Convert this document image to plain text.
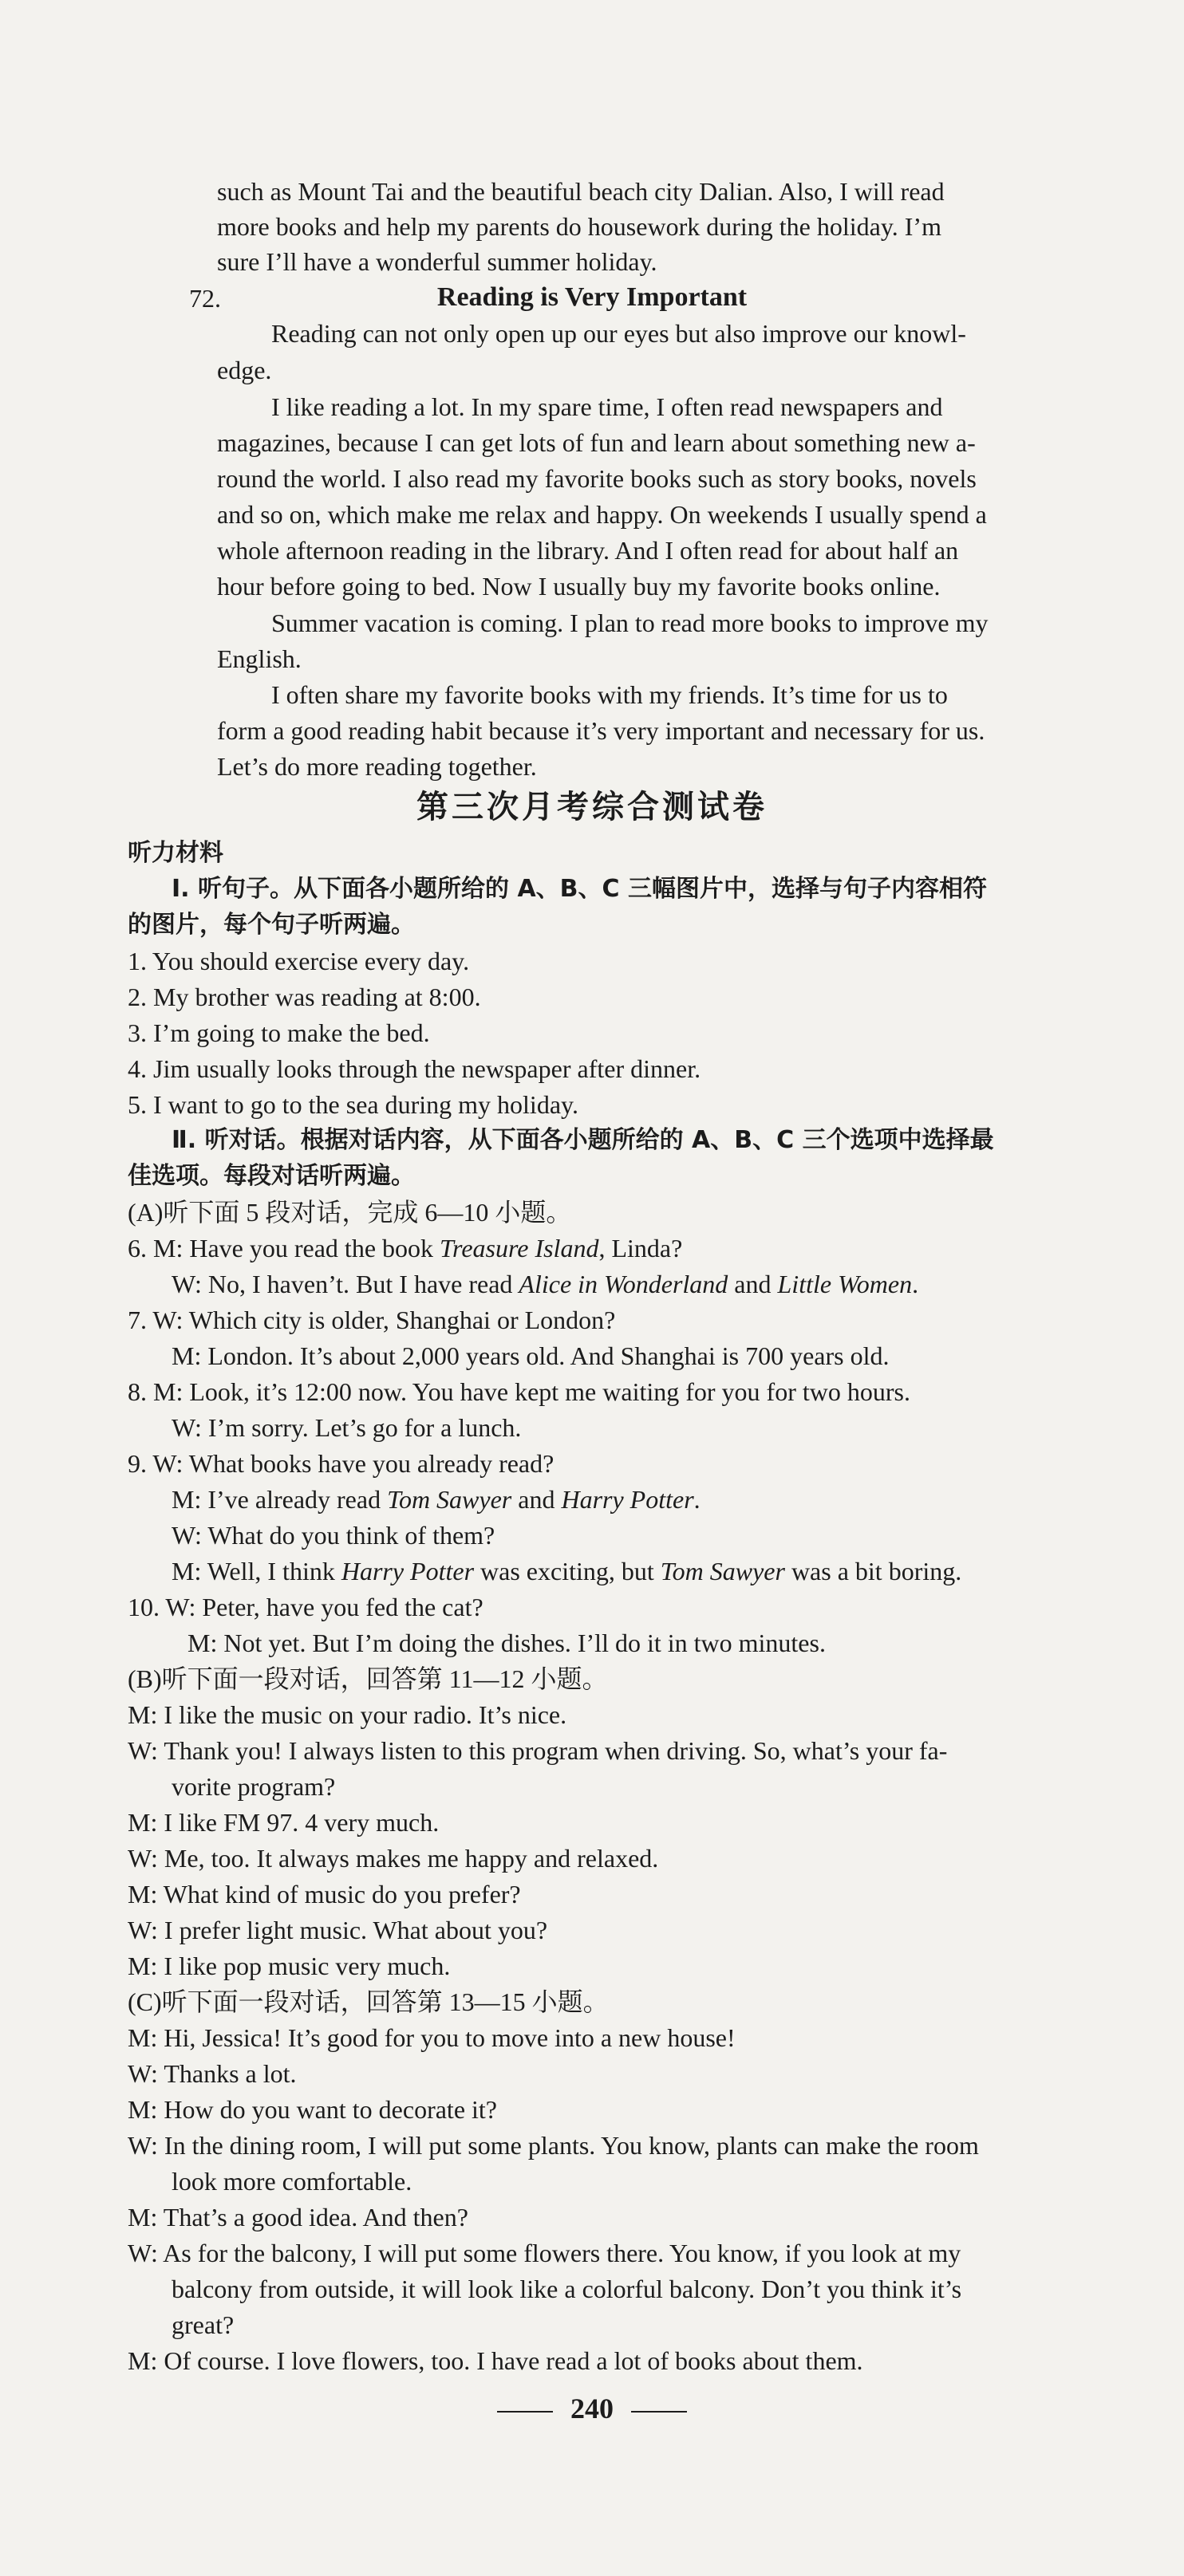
such as Mount Tai and the beautiful beach city Dalian. Also, I will read
more books and help my parents do housework during the holiday. I’m
sure I’ll have a wonderful summer holiday.
72.	Reading is Very Important
Reading can not only open up our eyes but also improve our knowl-
edge.
I like reading a lot. In my spare time, I often read newspapers and
magazines, because I can get lots of fun and learn about something new a-
round the world. I also read my favorite books such as story books, novels
and so on, which make me relax and happy. On weekends I usually spend a
whole afternoon reading in the library. And I often read for about half an
hour before going to bed. Now I usually buy my favorite books online.
Summer vacation is coming. I plan to read more books to improve my
English.
I often share my favorite books with my friends. It’s time for us to
form a good reading habit because it’s very important and necessary for us.
Let’s do more reading together.
第三次月考综合测试卷
听力材料
Ⅰ. 听句子。从下面各小题所给的 A、B、C 三幅图片中，选择与句子内容相符
的图片，每个句子听两遍。
1. You should exercise every day.
2. My brother was reading at 8:00.
3. I’m going to make the bed.
4. Jim usually looks through the newspaper after dinner.
5. I want to go to the sea during my holiday.
Ⅱ. 听对话。根据对话内容，从下面各小题所给的 A、B、C 三个选项中选择最
佳选项。每段对话听两遍。
(A)听下面 5 段对话，完成 6—10 小题。
6. M: Have you read the book Treasure Island, Linda?
W: No, I haven’t. But I have read Alice in Wonderland and Little Women.
7. W: Which city is older, Shanghai or London?
M: London. It’s about 2,000 years old. And Shanghai is 700 years old.
8. M: Look, it’s 12:00 now. You have kept me waiting for you for two hours.
W: I’m sorry. Let’s go for a lunch.
9. W: What books have you already read?
M: I’ve already read Tom Sawyer and Harry Potter.
W: What do you think of them?
M: Well, I think Harry Potter was exciting, but Tom Sawyer was a bit boring.
10. W: Peter, have you fed the cat?
M: Not yet. But I’m doing the dishes. I’ll do it in two minutes.
(B)听下面一段对话，回答第 11—12 小题。
M: I like the music on your radio. It’s nice.
W: Thank you! I always listen to this program when driving. So, what’s your fa-
vorite program?
M: I like FM 97. 4 very much.
W: Me, too. It always makes me happy and relaxed.
M: What kind of music do you prefer?
W: I prefer light music. What about you?
M: I like pop music very much.
(C)听下面一段对话，回答第 13—15 小题。
M: Hi, Jessica! It’s good for you to move into a new house!
W: Thanks a lot.
M: How do you want to decorate it?
W: In the dining room, I will put some plants. You know, plants can make the room
look more comfortable.
M: That’s a good idea. And then?
W: As for the balcony, I will put some flowers there. You know, if you look at my
balcony from outside, it will look like a colorful balcony. Don’t you think it’s
great?
M: Of course. I love flowers, too. I have read a lot of books about them.
240
